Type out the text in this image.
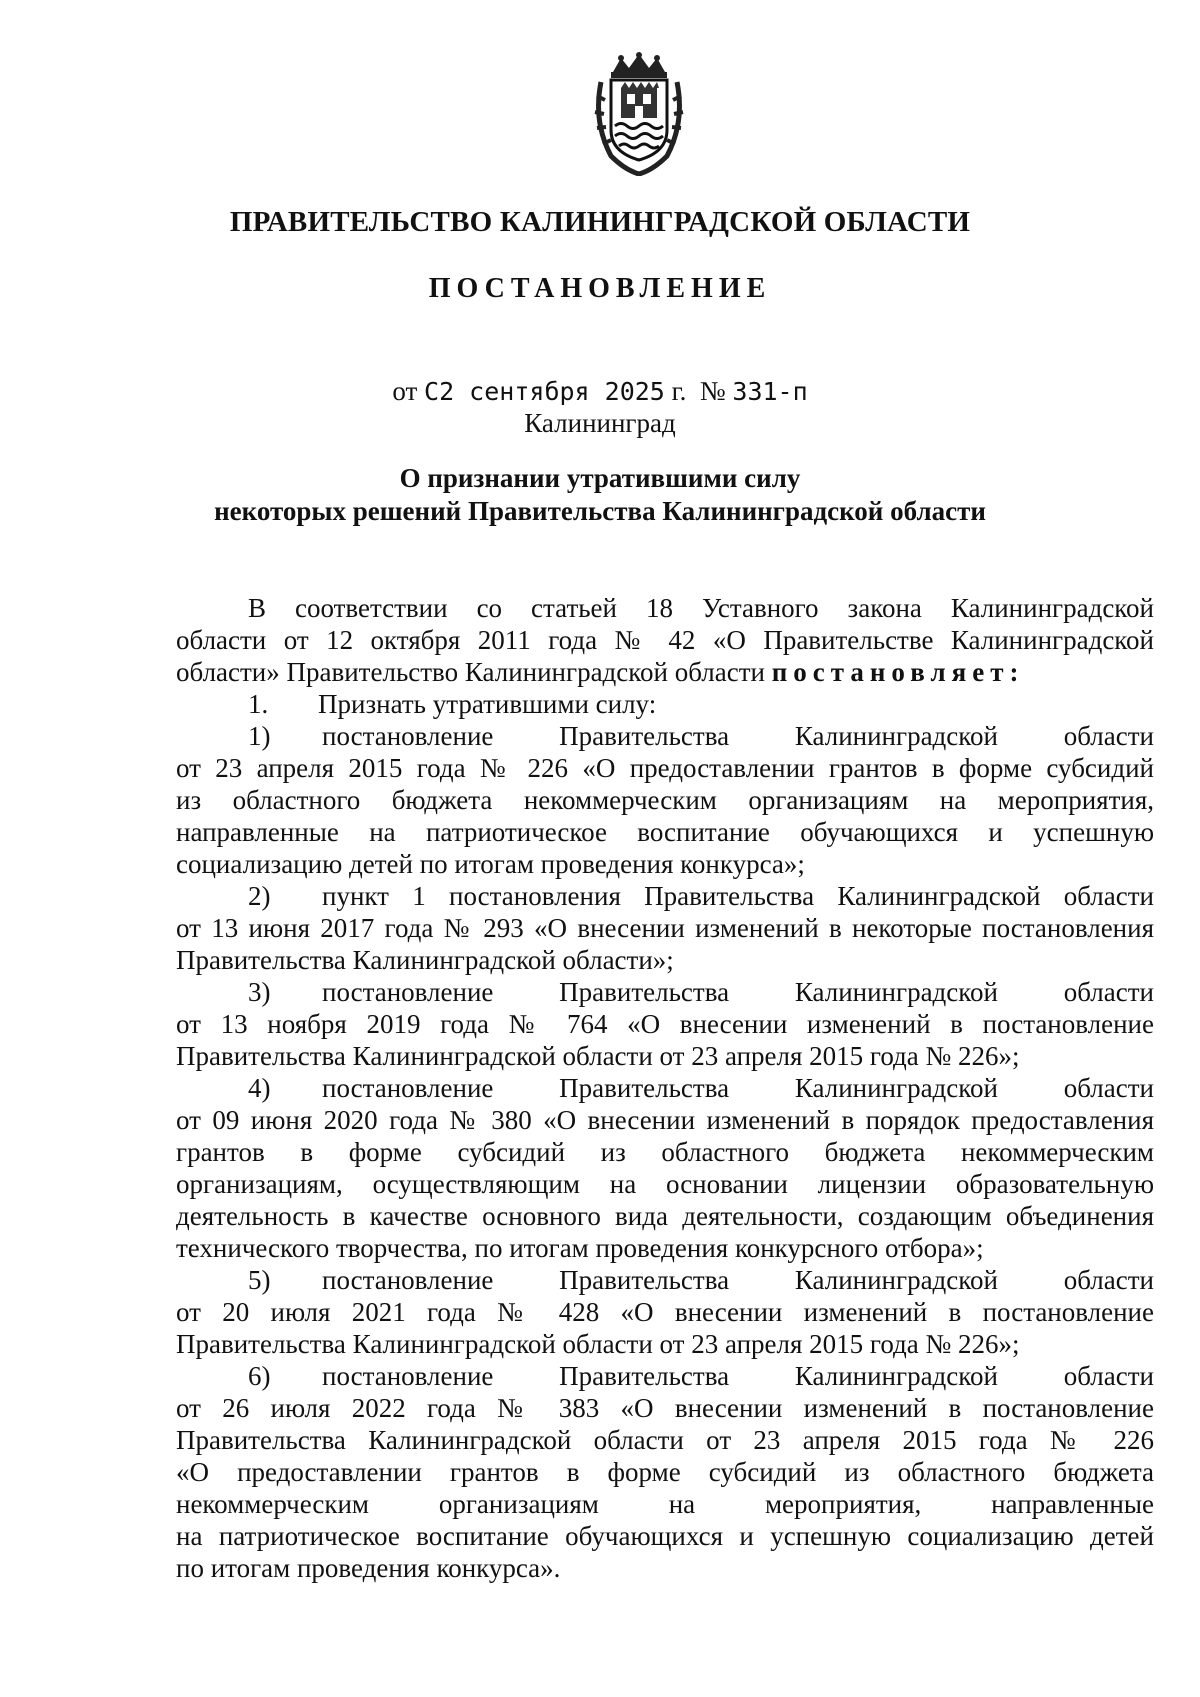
ПРАВИТЕЛЬСТВО КАЛИНИНГРАДСКОЙ ОБЛАСТИ
ПОСТАНОВЛЕНИЕ
от С2 сентября 2025 г. № 331-п
Калининград
О признании утратившими силу
некоторых решений Правительства Калининградской области
В соответствии со статьей 18 Уставного закона Калининградской
области от 12 октября 2011 года № 42 «О Правительстве Калининградской
области» Правительство Калининградской области постановляет:
1. Признать утратившими силу:
1) постановление Правительства Калининградской области
от 23 апреля 2015 года № 226 «О предоставлении грантов в форме субсидий
из областного бюджета некоммерческим организациям на мероприятия,
направленные на патриотическое воспитание обучающихся и успешную
социализацию детей по итогам проведения конкурса»;
2) пункт 1 постановления Правительства Калининградской области
от 13 июня 2017 года № 293 «О внесении изменений в некоторые постановления
Правительства Калининградской области»;
3) постановление Правительства Калининградской области
от 13 ноября 2019 года № 764 «О внесении изменений в постановление
Правительства Калининградской области от 23 апреля 2015 года № 226»;
4) постановление Правительства Калининградской области
от 09 июня 2020 года № 380 «О внесении изменений в порядок предоставления
грантов в форме субсидий из областного бюджета некоммерческим
организациям, осуществляющим на основании лицензии образовательную
деятельность в качестве основного вида деятельности, создающим объединения
технического творчества, по итогам проведения конкурсного отбора»;
5) постановление Правительства Калининградской области
от 20 июля 2021 года № 428 «О внесении изменений в постановление
Правительства Калининградской области от 23 апреля 2015 года № 226»;
6) постановление Правительства Калининградской области
от 26 июля 2022 года № 383 «О внесении изменений в постановление
Правительства Калининградской области от 23 апреля 2015 года № 226
«О предоставлении грантов в форме субсидий из областного бюджета
некоммерческим организациям на мероприятия, направленные
на патриотическое воспитание обучающихся и успешную социализацию детей
по итогам проведения конкурса».
